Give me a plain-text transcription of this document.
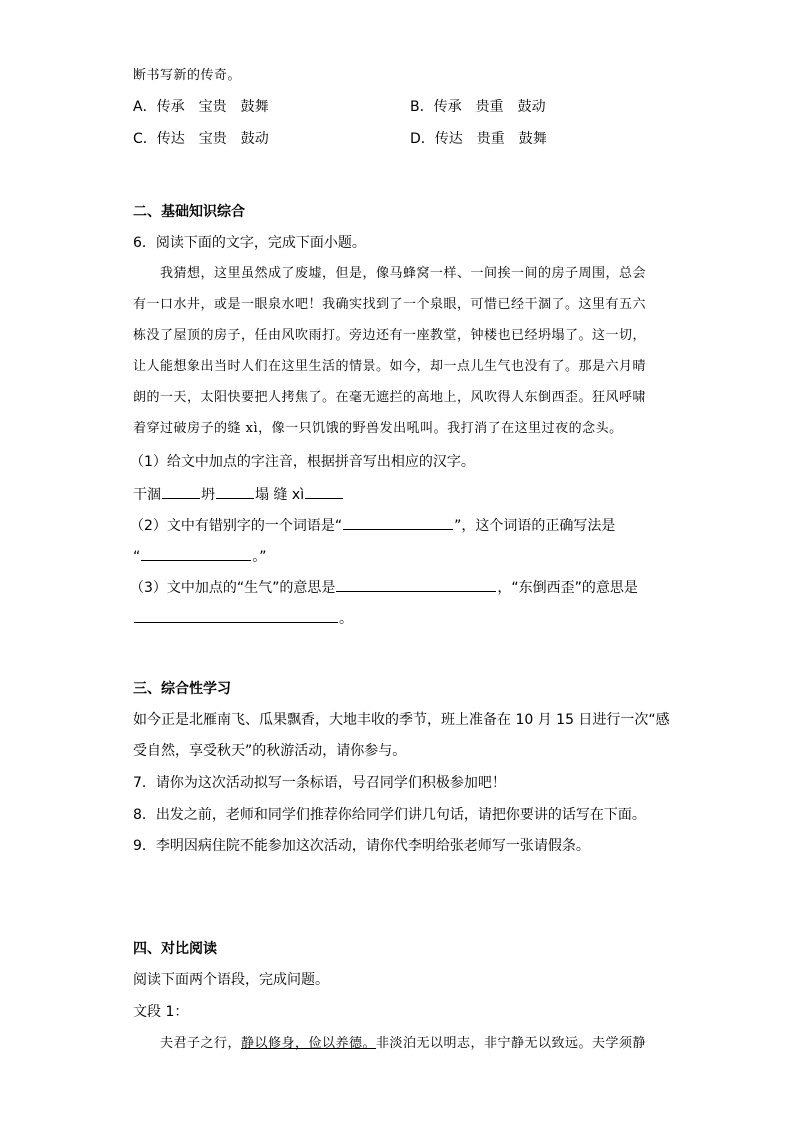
断书写新的传奇。
A．传承　宝贵　鼓舞	B．传承　贵重　鼓动
C．传达　宝贵　鼓动	D．传达　贵重　鼓舞
二、基础知识综合
6．阅读下面的文字，完成下面小题。
我猜想，这里虽然成了废墟，但是，像马蜂窝一样、一间挨一间的房子周围，总会
有一口水井，或是一眼泉水吧！我确实找到了一个泉眼，可惜已经干涸了。这里有五六
栋没了屋顶的房子，任由风吹雨打。旁边还有一座教堂，钟楼也已经坍塌了。这一切，
让人能想象出当时人们在这里生活的情景。如今，却一点儿生气也没有了。那是六月晴
朗的一天，太阳快要把人拷焦了。在毫无遮拦的高地上，风吹得人东倒西歪。狂风呼啸
着穿过破房子的缝 xì，像一只饥饿的野兽发出吼叫。我打消了在这里过夜的念头。
（1）给文中加点的字注音，根据拼音写出相应的汉字。
干涸	坍	塌 缝 xì
（2）文中有错别字的一个词语是“	”，这个词语的正确写法是
“	。”
（3）文中加点的“生气”的意思是	，“东倒西歪”的意思是
。
三、综合性学习
如今正是北雁南飞、瓜果飘香，大地丰收的季节，班上准备在 10 月 15 日进行一次“感
受自然，享受秋天”的秋游活动，请你参与。
7．请你为这次活动拟写一条标语，号召同学们积极参加吧！
8．出发之前，老师和同学们推荐你给同学们讲几句话，请把你要讲的话写在下面。
9．李明因病住院不能参加这次活动，请你代李明给张老师写一张请假条。
四、对比阅读
阅读下面两个语段，完成问题。
文段 1：
夫君子之行，静以修身，俭以养德。非淡泊无以明志，非宁静无以致远。夫学须静
